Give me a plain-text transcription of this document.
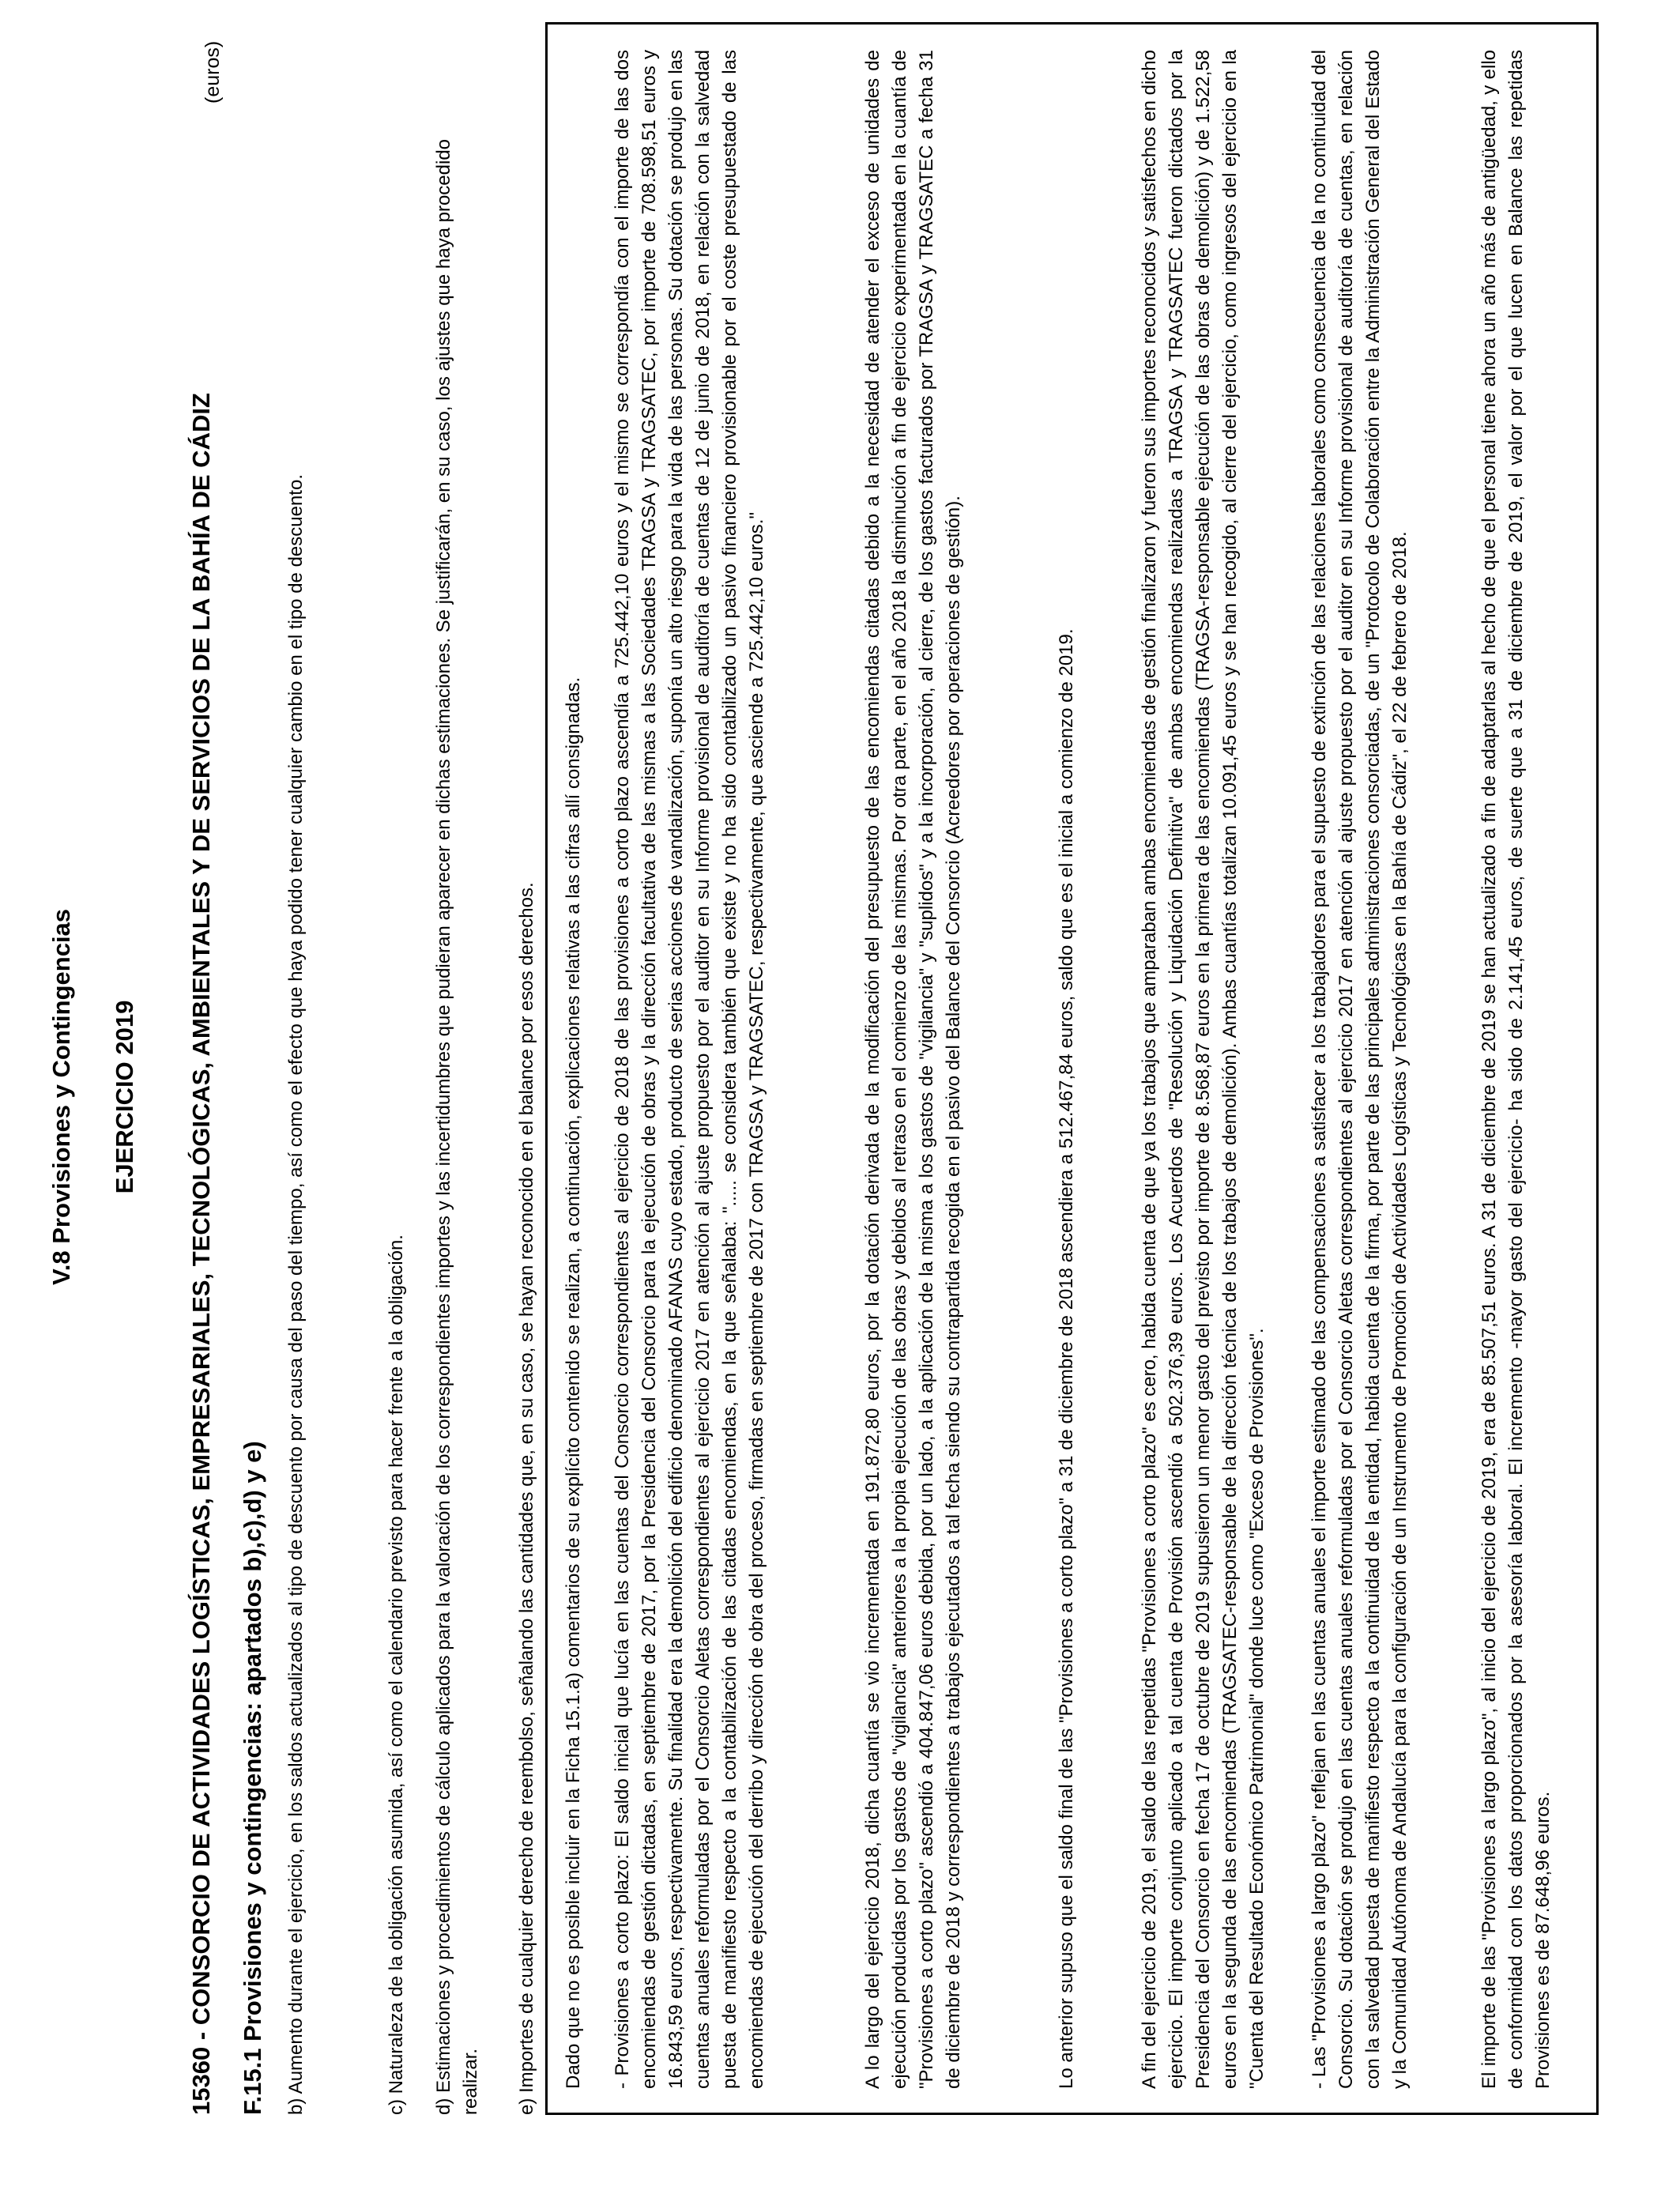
V.8 Provisiones y Contingencias EJERCICIO 2019 15360 - CONSORCIO DE ACTIVIDADES LOGÍSTICAS, EMPRESARIALES, TECNOLÓGICAS, AMBIENTALES Y DE SERVICIOS DE LA BAHÍA DE CÁDIZ
(euros)
F.15.1 Provisiones y contingencias: apartados b),c),d) y e) b) Aumento durante el ejercicio, en los saldos actualizados al tipo de descuento por causa del paso del tiempo, así como el efecto que haya podido tener cualquier cambio en el tipo de descuento.	c) Naturaleza de la obligación asumida, así como el calendario previsto para hacer frente a la obligación. d) Estimaciones y procedimientos de cálculo aplicados para la valoración de los correspondientes importes y las incertidumbres que pudieran aparecer en dichas estimaciones. Se justificarán, en su caso, los ajustes que haya procedido realizar. e) Importes de cualquier derecho de reembolso, señalando las cantidades que, en su caso, se hayan reconocido en el balance por esos derechos. Dado que no es posible incluir en la Ficha 15.1.a) comentarios de su explícito contenido se realizan, a continuación, explicaciones relativas a las cifras allí consignadas. - Provisiones a corto plazo: El saldo inicial que lucía en las cuentas del Consorcio correspondientes al ejercicio de 2018 de las provisiones a corto plazo ascendía a 725.442,10 euros y el mismo se correspondía con el importe de las dos encomiendas de gestión dictadas, en septiembre de 2017, por la Presidencia del Consorcio para la ejecución de obras y la dirección facultativa de las mismas a las Sociedades TRAGSA y TRAGSATEC, por importe de 708.598,51 euros y 16.843,59 euros, respectivamente. Su finalidad era la demolición del edificio denominado AFANAS cuyo estado, producto de serias acciones de vandalización, suponía un alto riesgo para la vida de las personas. Su dotación se produjo en las cuentas anuales reformuladas por el Consorcio Aletas correspondientes al ejercicio 2017 en atención al ajuste propuesto por el auditor en su Informe provisional de auditoría de cuentas de 12 de junio de 2018, en relación con la salvedad puesta de manifiesto respecto a la contabilización de las citadas encomiendas, en la que señalaba: "..... se considera también que existe y no ha sido contabilizado un pasivo financiero provisionable por el coste presupuestado de las encomiendas de ejecución del derribo y dirección de obra del proceso, firmadas en septiembre de 2017 con TRAGSA y TRAGSATEC, respectivamente, que asciende a 725.442,10 euros."	A lo largo del ejercicio 2018, dicha cuantía se vio incrementada en 191.872,80 euros, por la dotación derivada de la modificación del presupuesto de las encomiendas citadas debido a la necesidad de atender el exceso de unidades de ejecución producidas por los gastos de "vigilancia" anteriores a la propia ejecución de las obras y debidos al retraso en el comienzo de las mismas. Por otra parte, en el año 2018 la disminución a fin de ejercicio experimentada en la cuantía de "Provisiones a corto plazo" ascendió a 404.847,06 euros debida, por un lado, a la aplicación de la misma a los gastos de "vigilancia" y "suplidos" y a la incorporación, al cierre, de los gastos facturados por TRAGSA y TRAGSATEC a fecha 31 de diciembre de 2018 y correspondientes a trabajos ejecutados a tal fecha siendo su contrapartida recogida en el pasivo del Balance del Consorcio (Acreedores por operaciones de gestión).	Lo anterior supuso que el saldo final de las "Provisiones a corto plazo" a 31 de diciembre de 2018 ascendiera a 512.467,84 euros, saldo que es el inicial a comienzo de 2019.	A fin del ejercicio de 2019, el saldo de las repetidas "Provisiones a corto plazo" es cero, habida cuenta de que ya los trabajos que amparaban ambas encomiendas de gestión finalizaron y fueron sus importes reconocidos y satisfechos en dicho ejercicio. El importe conjunto aplicado a tal cuenta de Provisión ascendió a 502.376,39 euros. Los Acuerdos de "Resolución y Liquidación Definitiva" de ambas encomiendas realizadas a TRAGSA y TRAGSATEC fueron dictados por la Presidencia del Consorcio en fecha 17 de octubre de 2019 supusieron un menor gasto del previsto por importe de 8.568,87 euros en la primera de las encomiendas (TRAGSA-responsable ejecución de las obras de demolición) y de 1.522,58 euros en la segunda de las encomiendas (TRAGSATEC-responsable de la dirección técnica de los trabajos de demolición). Ambas cuantías totalizan 10.091,45 euros y se han recogido, al cierre del ejercicio, como ingresos del ejercicio en la "Cuenta del Resultado Económico Patrimonial" donde luce como "Exceso de Provisiones". - Las "Provisiones a largo plazo" reflejan en las cuentas anuales el importe estimado de las compensaciones a satisfacer a los trabajadores para el supuesto de extinción de las relaciones laborales como consecuencia de la no continuidad del Consorcio. Su dotación se produjo en las cuentas anuales reformuladas por el Consorcio Aletas correspondientes al ejercicio 2017 en atención al ajuste propuesto por el auditor en su Informe provisional de auditoría de cuentas, en relación con la salvedad puesta de manifiesto respecto a la continuidad de la entidad, habida cuenta de la firma, por parte de las principales administraciones consorciadas, de un "Protocolo de Colaboración entre la Administración General del Estado y la Comunidad Autónoma de Andalucía para la configuración de un Instrumento de Promoción de Actividades Logísticas y Tecnológicas en la Bahía de Cádiz", el 22 de febrero de 2018.	El importe de las "Provisiones a largo plazo", al inicio del ejercicio de 2019, era de 85.507,51 euros. A 31 de diciembre de 2019 se han actualizado a fin de adaptarlas al hecho de que el personal tiene ahora un año más de antigüedad, y ello de conformidad con los datos proporcionados por la asesoría laboral. El incremento -mayor gasto del ejercicio- ha sido de 2.141,45 euros, de suerte que a 31 de diciembre de 2019, el valor por el que lucen en Balance las repetidas Provisiones es de 87.648,96 euros.
